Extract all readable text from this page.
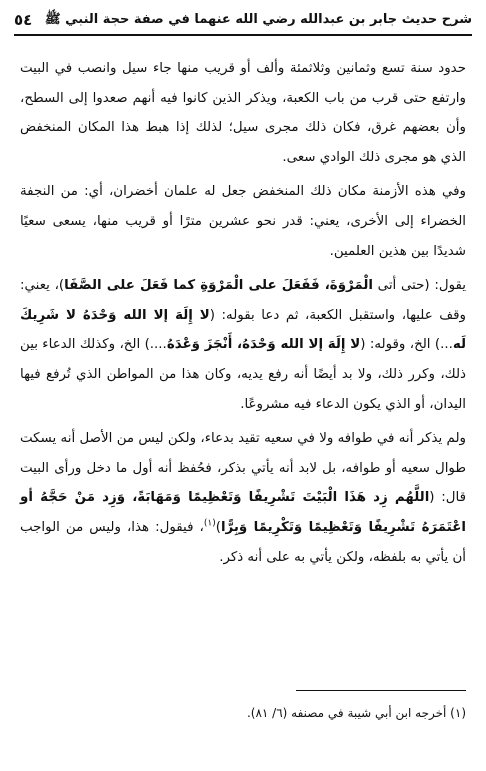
شرح حديث جابر بن عبدالله رضي الله عنهما في صفة حجة النبي ﷺ
٥٤

حدود سنة تسع وثمانين وثلاثمئة وألف أو قريب منها جاء سيل وانصب في البيت وارتفع حتى قرب من باب الكعبة، ويذكر الذين كانوا فيه أنهم صعدوا إلى السطح، وأن بعضهم غرق، فكان ذلك مجرى سيل؛ لذلك إذا هبط هذا المكان المنخفض الذي هو مجرى ذلك الوادي سعى.

وفي هذه الأزمنة مكان ذلك المنخفض جعل له علمان أخضران، أي: من النجفة الخضراء إلى الأخرى، يعني: قدر نحو عشرين مترًا أو قريب منها، يسعى سعيًا شديدًا بين هذين العلمين.

يقول: (حتى أتى الْمَرْوَةَ، فَفَعَلَ على الْمَرْوَةِ كما فَعَلَ على الصَّفَا)، يعني: وقف عليها، واستقبل الكعبة، ثم دعا بقوله: (لا إِلَهَ إلا الله وَحْدَهُ لا شَرِيكَ لَه...) الخ، وقوله: (لا إِلَهَ إلا الله وَحْدَهُ، أَنْجَزَ وَعْدَهُ....) الخ، وكذلك الدعاء بين ذلك، وكرر ذلك، ولا بد أيضًا أنه رفع يديه، وكان هذا من المواطن الذي تُرفع فيها اليدان، أو الذي يكون الدعاء فيه مشروعًا.

ولم يذكر أنه في طوافه ولا في سعيه تقيد بدعاء، ولكن ليس من الأصل أنه يسكت طوال سعيه أو طوافه، بل لابد أنه يأتي بذكر، فحُفظ أنه أول ما دخل ورأى البيت قال: (اللَّهُم زِد هَذَا الْبَيْتَ تَشْرِيفًا وَتَعْظِيمًا وَمَهَابَةً، وَزِد مَنْ حَجَّهُ أو اعْتَمَرَهُ تَشْرِيفًا وَتَعْظِيمًا وَتَكْرِيمًا وَبِرًّا)$^{(١)}$، فيقول: هذا، وليس من الواجب أن يأتي به بلفظه، ولكن يأتي به على أنه ذكر.

(١) أخرجه ابن أبي شيبة في مصنفه (٦/ ٨١).
